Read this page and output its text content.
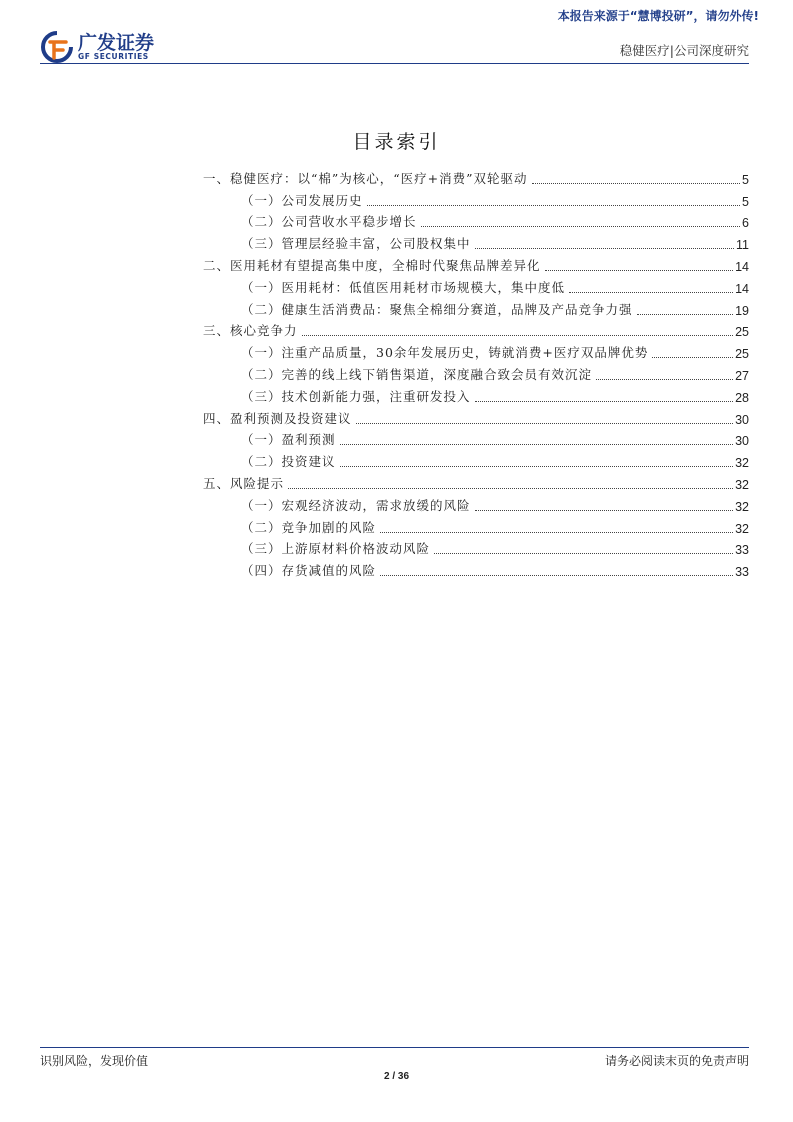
本报告来源于“慧博投研”，请勿外传!
广发证券
GF SECURITIES	稳健医疗|公司深度研究
目录索引
一、稳健医疗：以“棉”为核心，“医疗+消费”双轮驱动	5
（一）公司发展历史	5
（二）公司营收水平稳步增长	6
（三）管理层经验丰富，公司股权集中	11
二、医用耗材有望提高集中度，全棉时代聚焦品牌差异化	14
（一）医用耗材：低值医用耗材市场规模大，集中度低	14
（二）健康生活消费品：聚焦全棉细分赛道，品牌及产品竞争力强	19
三、核心竞争力	25
（一）注重产品质量，30余年发展历史，铸就消费+医疗双品牌优势	25
（二）完善的线上线下销售渠道，深度融合致会员有效沉淀	27
（三）技术创新能力强，注重研发投入	28
四、盈利预测及投资建议	30
（一）盈利预测	30
（二）投资建议	32
五、风险提示	32
（一）宏观经济波动，需求放缓的风险	32
（二）竞争加剧的风险	32
（三）上游原材料价格波动风险	33
（四）存货减值的风险	33
识别风险，发现价值	请务必阅读末页的免责声明
2 / 36
